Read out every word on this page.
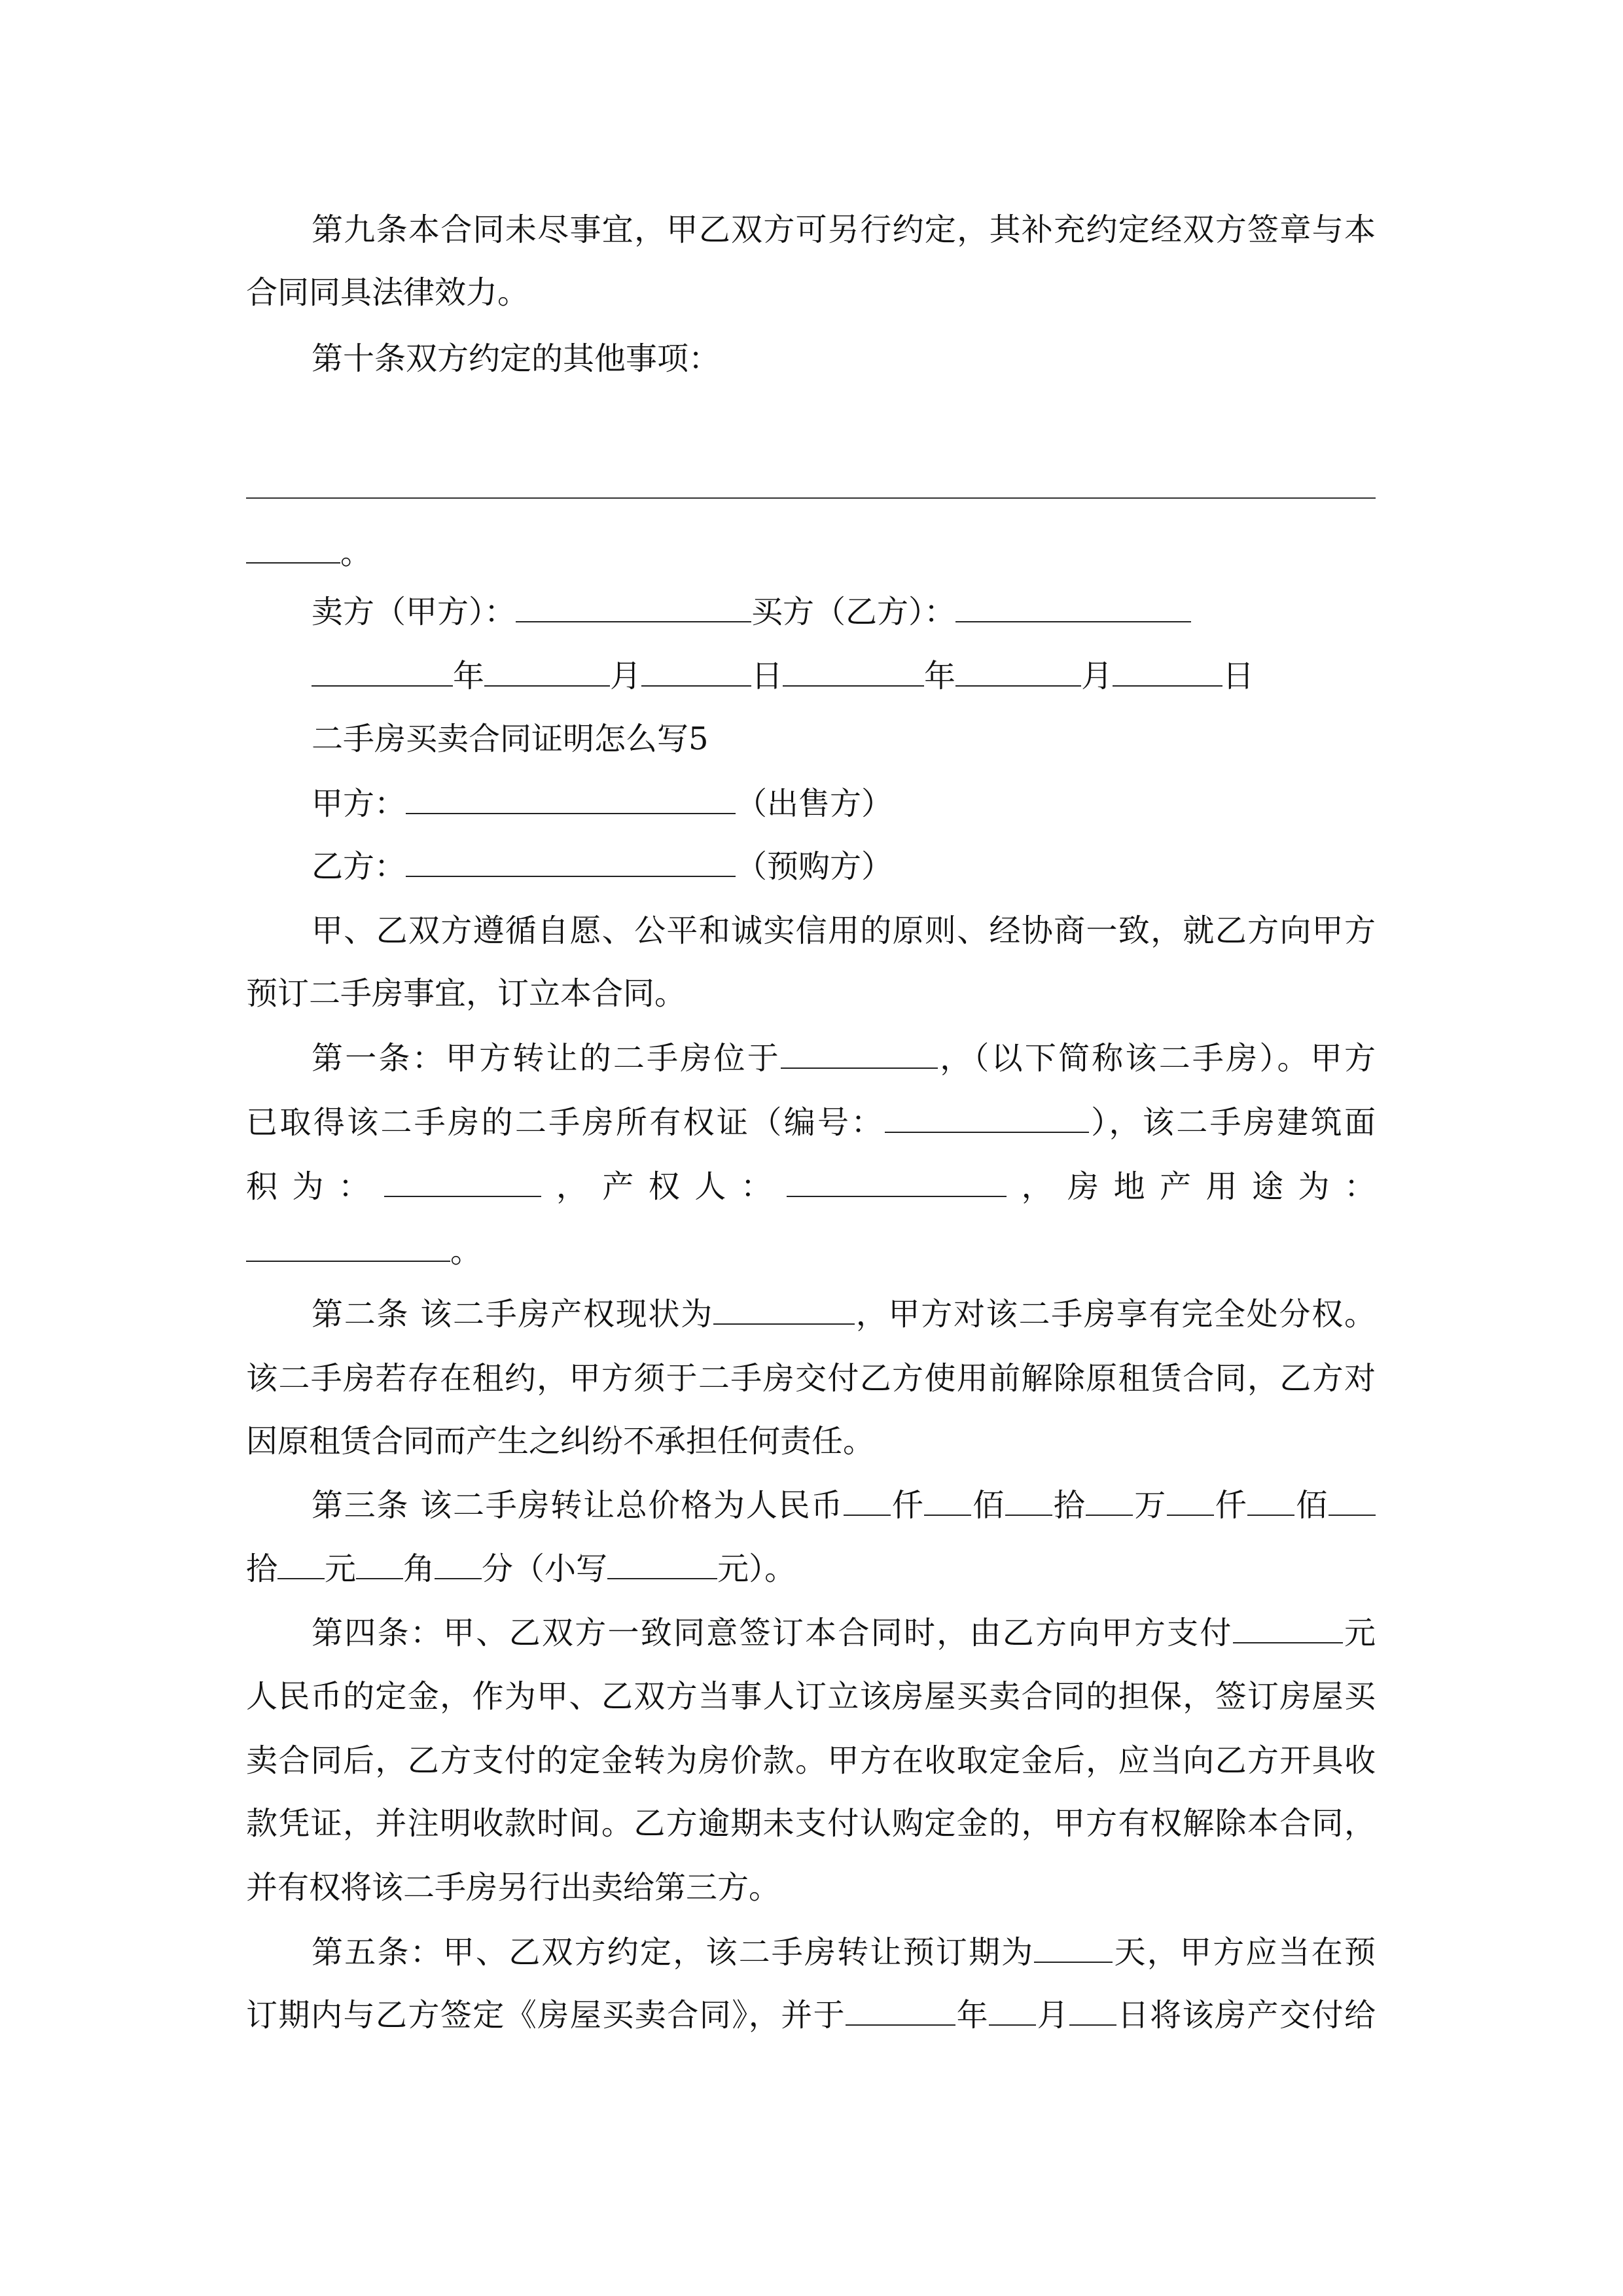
第九条本合同未尽事宜，甲乙双方可另行约定，其补充约定经双方签章与本
合同同具法律效力。
第十条双方约定的其他事项：
。
卖方（甲方）：	买方（乙方）：
年	月	日	年	月	日
二手房买卖合同证明怎么写5
甲方：	（出售方）
乙方：	（预购方）
甲、乙双方遵循自愿、公平和诚实信用的原则、经协商一致，就乙方向甲方
预订二手房事宜，订立本合同。
第一条：甲方转让的二手房位于	，（以下简称该二手房）。甲方
已取得该二手房的二手房所有权证（编号：	），该二手房建筑面
积为：	，产权人：	，房地产用途为：
。
第二条 该二手房产权现状为	，甲方对该二手房享有完全处分权。
该二手房若存在租约，甲方须于二手房交付乙方使用前解除原租赁合同，乙方对
因原租赁合同而产生之纠纷不承担任何责任。
第三条 该二手房转让总价格为人民币 仟 佰 拾 万 仟 佰
拾 元 角 分（小写	元）。
第四条：甲、乙双方一致同意签订本合同时，由乙方向甲方支付	元
人民币的定金，作为甲、乙双方当事人订立该房屋买卖合同的担保，签订房屋买
卖合同后，乙方支付的定金转为房价款。甲方在收取定金后，应当向乙方开具收
款凭证，并注明收款时间。乙方逾期未支付认购定金的，甲方有权解除本合同，
并有权将该二手房另行出卖给第三方。
第五条：甲、乙双方约定，该二手房转让预订期为	天，甲方应当在预
订期内与乙方签定《房屋买卖合同》，并于	年 月 日将该房产交付给
